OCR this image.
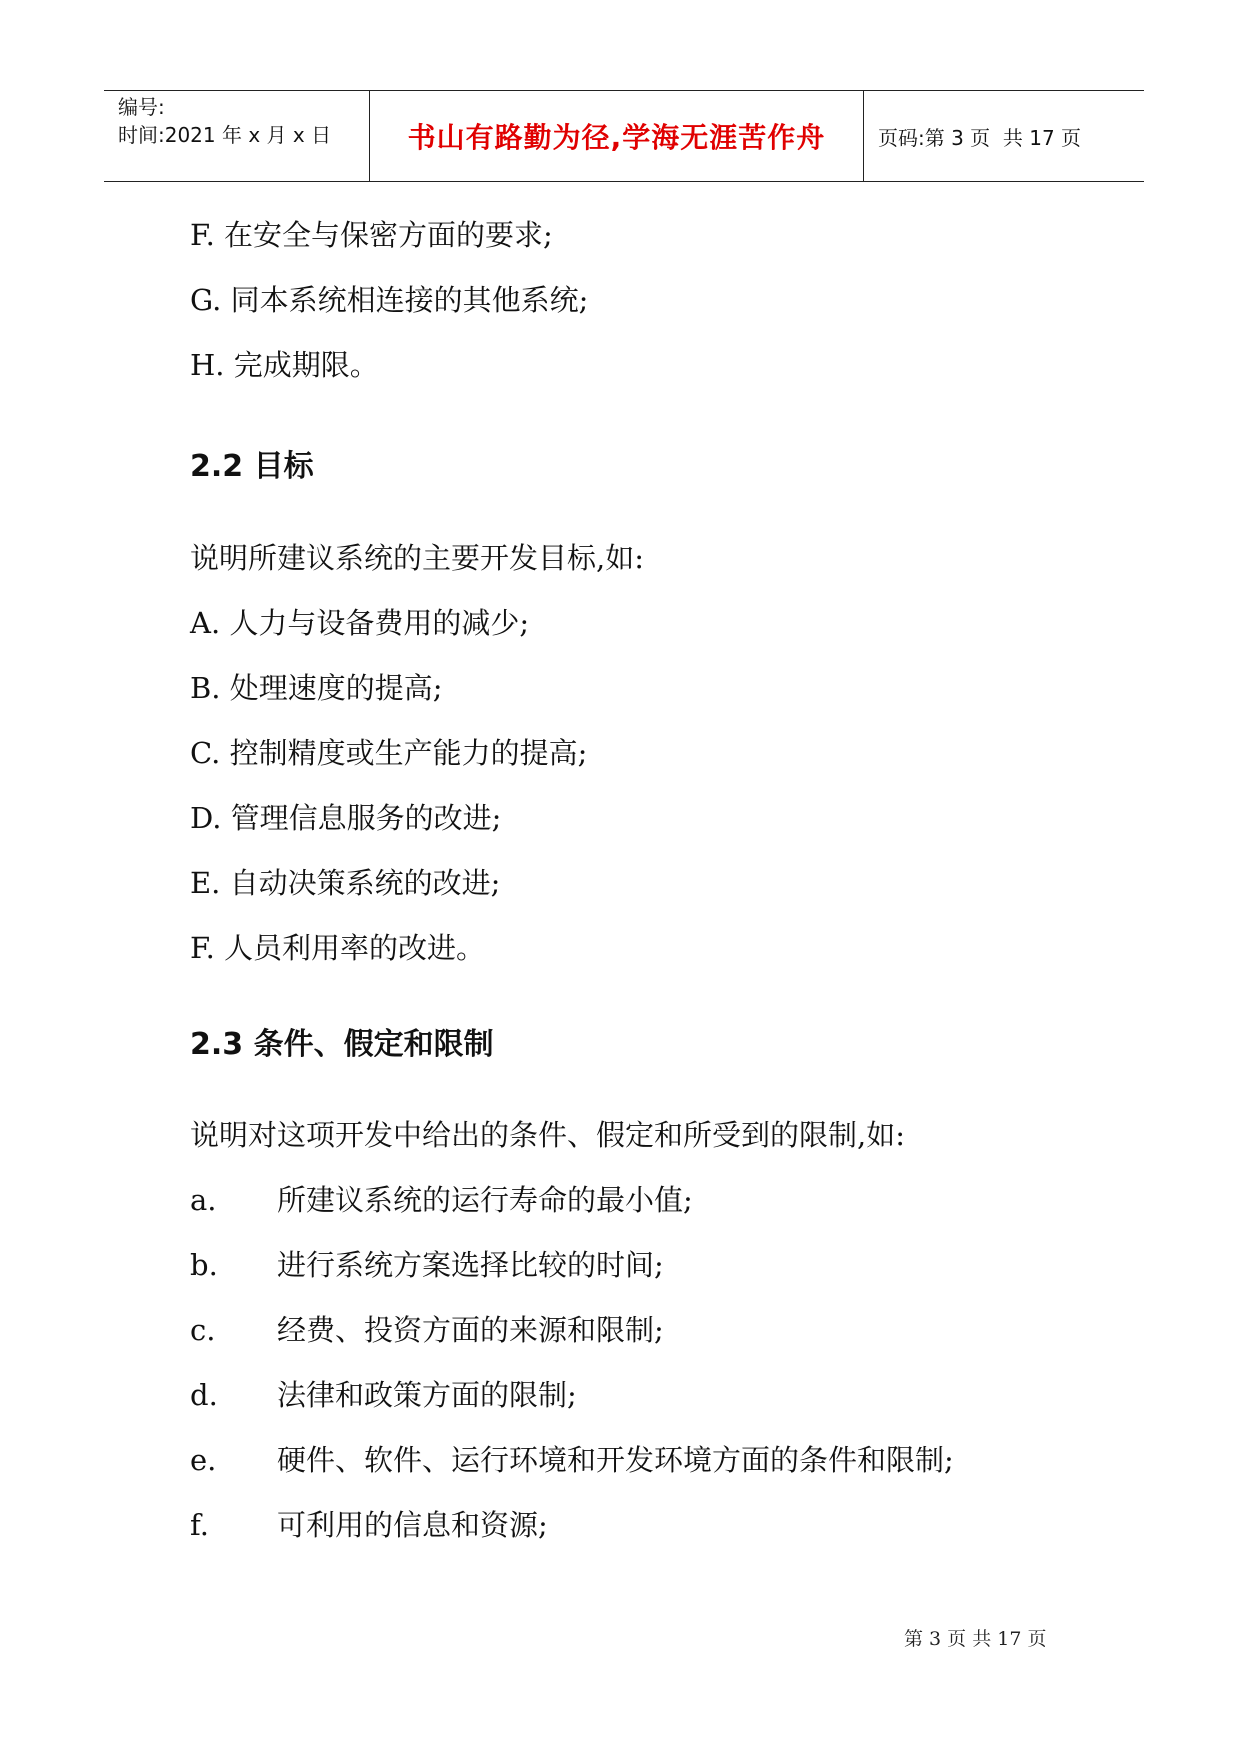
编号:
时间:2021 年 x 月 x 日	书山有路勤为径,学海无涯苦作舟	页码:第 3 页  共 17 页
F. 在安全与保密方面的要求;
G. 同本系统相连接的其他系统;
H. 完成期限。
2.2 目标
说明所建议系统的主要开发目标,如:
A. 人力与设备费用的减少;
B. 处理速度的提高;
C. 控制精度或生产能力的提高;
D. 管理信息服务的改进;
E. 自动决策系统的改进;
F. 人员利用率的改进。
2.3 条件、假定和限制
说明对这项开发中给出的条件、假定和所受到的限制,如:
a. 所建议系统的运行寿命的最小值;
b. 进行系统方案选择比较的时间;
c. 经费、投资方面的来源和限制;
d. 法律和政策方面的限制;
e. 硬件、软件、运行环境和开发环境方面的条件和限制;
f. 可利用的信息和资源;
第 3 页 共 17 页
